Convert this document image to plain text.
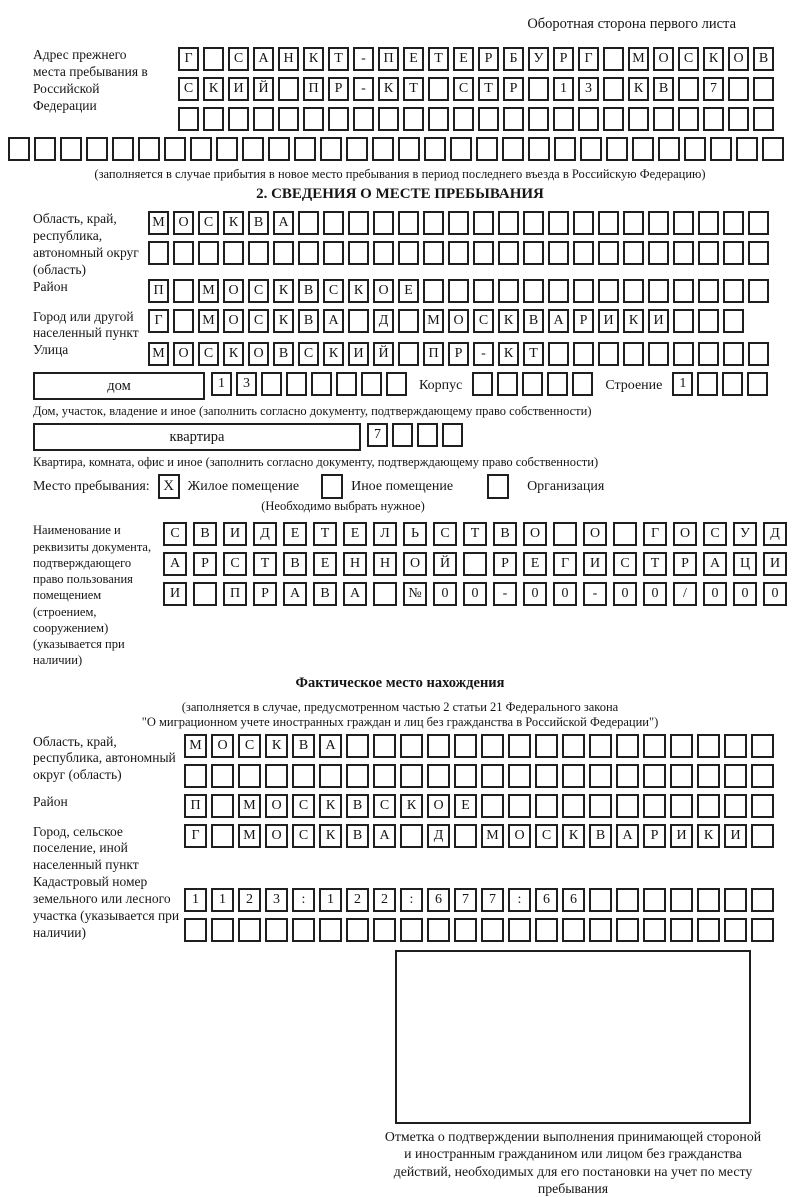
Оборотная сторона первого листа
Адрес прежнего места пребывания в Российской Федерации
Г	С	А	Н	К	Т	-	П	Е	Т	Е	Р	Б	У	Р	Г	М О	С	К	О	В
С	К	И	Й	П	Р	-	К	Т	С	Т	Р	1	3	К	В	7
(заполняется в случае прибытия в новое место пребывания в период последнего въезда в Российскую Федерацию)
2. СВЕДЕНИЯ О МЕСТЕ ПРЕБЫВАНИЯ
Область, край, республика, автономный округ (область)
М О	С	К	В	А
Район	П	М О	С	К	В	С	К	О	Е
Город или другой населенный пункт
Г	М О	С	К	В	А	Д	М О	С	К	В	А	Р	И	К	И
Улица	М О	С	К	О	В	С	К	И	Й	П	Р	-	К	Т
дом	1	3	Корпус	Строение	1
Дом, участок, владение и иное (заполнить согласно документу, подтверждающему право собственности)
квартира	7
Квартира, комната, офис и иное (заполнить согласно документу, подтверждающему право собственности)
Место пребывания: X Жилое помещение	Иное помещение	Организация
(Необходимо выбрать нужное)
Наименование и реквизиты документа, подтверждающего право пользования помещением (строением, сооружением) (указывается при наличии)
С	В	И	Д	Е	Т	Е	Л	Ь	С	Т	В	О	О	Г	О	С	У	Д
А	Р	С	Т	В	Е	Н	Н	О	Й	Р	Е	Г	И	С	Т	Р	А	Ц	И
И	П	Р	А	В	А	№	0	0	-	0	0	-	0	0	/	0	0	0
Фактическое место нахождения
(заполняется в случае, предусмотренном частью 2 статьи 21 Федерального закона
"О миграционном учете иностранных граждан и лиц без гражданства в Российской Федерации")
Область, край, республика, автономный округ (область)
М	О	С	К	В	А
Район	П	М	О	С	К	В	С	К	О	Е
Город, сельское поселение, иной населенный пункт
Г	М	О	С	К	В	А	Д	М	О	С	К	В	А	Р	И	К	И
Кадастровый номер земельного или лесного участка (указывается при наличии)
1	1	2	3	:	1	2	2	:	6	7	7	:	6	6
Отметка о подтверждении выполнения принимающей стороной и иностранным гражданином или лицом без гражданства действий, необходимых для его постановки на учет по месту пребывания
